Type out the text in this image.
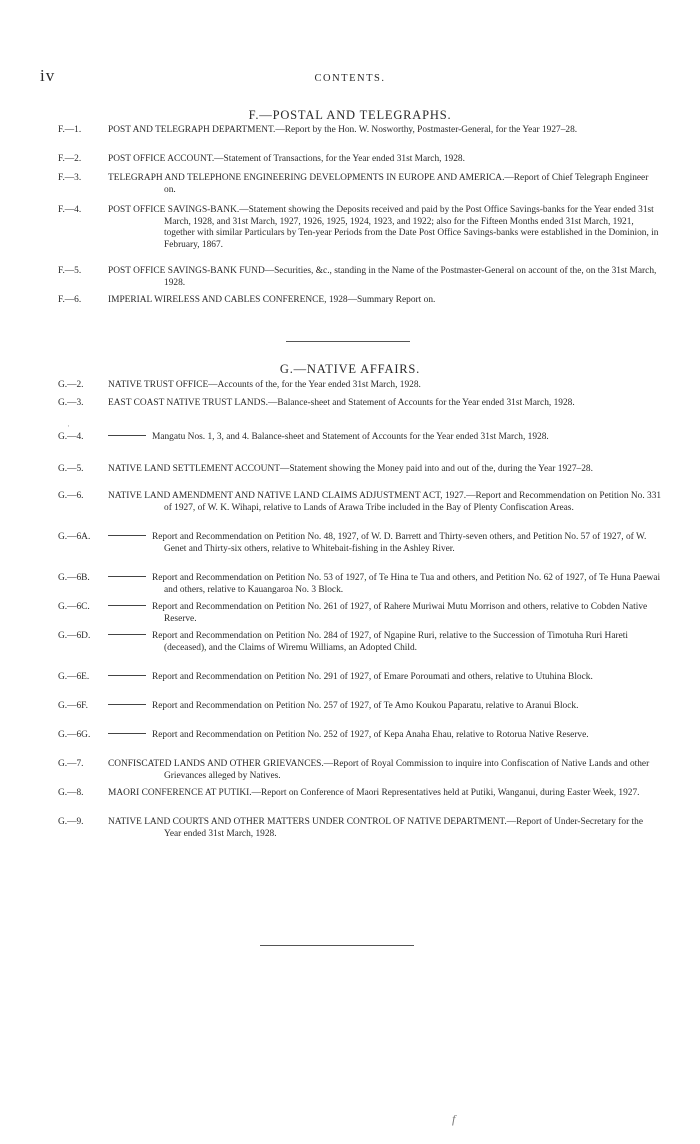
iv	CONTENTS.
F.—POSTAL AND TELEGRAPHS.
F.—1.	POST AND TELEGRAPH DEPARTMENT.—Report by the Hon. W. Nosworthy, Postmaster-General, for the Year 1927–28.
F.—2.	POST OFFICE ACCOUNT.—Statement of Transactions, for the Year ended 31st March, 1928.
F.—3.	TELEGRAPH AND TELEPHONE ENGINEERING DEVELOPMENTS IN EUROPE AND AMERICA.—Report of Chief Telegraph Engineer on.
F.—4.	POST OFFICE SAVINGS-BANK.—Statement showing the Deposits received and paid by the Post Office Savings-banks for the Year ended 31st March, 1928, and 31st March, 1927, 1926, 1925, 1924, 1923, and 1922; also for the Fifteen Months ended 31st March, 1921, together with similar Particulars by Ten-year Periods from the Date Post Office Savings-banks were established in the Dominion, in February, 1867.
F.—5.	POST OFFICE SAVINGS-BANK FUND—Securities, &c., standing in the Name of the Postmaster-General on account of the, on the 31st March, 1928.
F.—6.	IMPERIAL WIRELESS AND CABLES CONFERENCE, 1928—Summary Report on.
G.—NATIVE AFFAIRS.
G.—2.	NATIVE TRUST OFFICE—Accounts of the, for the Year ended 31st March, 1928.
G.—3.	EAST COAST NATIVE TRUST LANDS.—Balance-sheet and Statement of Accounts for the Year ended 31st March, 1928.
·
G.—4.	Mangatu Nos. 1, 3, and 4. Balance-sheet and Statement of Accounts for the Year ended 31st March, 1928.
G.—5.	NATIVE LAND SETTLEMENT ACCOUNT—Statement showing the Money paid into and out of the, during the Year 1927–28.
G.—6.	NATIVE LAND AMENDMENT AND NATIVE LAND CLAIMS ADJUSTMENT ACT, 1927.—Report and Recommendation on Petition No. 331 of 1927, of W. K. Wihapi, relative to Lands of Arawa Tribe included in the Bay of Plenty Confiscation Areas.
G.—6A.	Report and Recommendation on Petition No. 48, 1927, of W. D. Barrett and Thirty-seven others, and Petition No. 57 of 1927, of W. Genet and Thirty-six others, relative to Whitebait-fishing in the Ashley River.
G.—6B.	Report and Recommendation on Petition No. 53 of 1927, of Te Hina te Tua and others, and Petition No. 62 of 1927, of Te Huna Paewai and others, relative to Kauangaroa No. 3 Block.
G.—6C.	Report and Recommendation on Petition No. 261 of 1927, of Rahere Muriwai Mutu Morrison and others, relative to Cobden Native Reserve.
G.—6D.	Report and Recommendation on Petition No. 284 of 1927, of Ngapine Ruri, relative to the Succession of Timotuha Ruri Hareti (deceased), and the Claims of Wiremu Williams, an Adopted Child.
G.—6E.	Report and Recommendation on Petition No. 291 of 1927, of Emare Poroumati and others, relative to Utuhina Block.
G.—6F.	Report and Recommendation on Petition No. 257 of 1927, of Te Amo Koukou Paparatu, relative to Aranui Block.
G.—6G.	Report and Recommendation on Petition No. 252 of 1927, of Kepa Anaha Ehau, relative to Rotorua Native Reserve.
G.—7.	CONFISCATED LANDS AND OTHER GRIEVANCES.—Report of Royal Commission to inquire into Confiscation of Native Lands and other Grievances alleged by Natives.
G.—8.	MAORI CONFERENCE AT PUTIKI.—Report on Conference of Maori Representatives held at Putiki, Wanganui, during Easter Week, 1927.
G.—9.	NATIVE LAND COURTS AND OTHER MATTERS UNDER CONTROL OF NATIVE DEPARTMENT.—Report of Under-Secretary for the Year ended 31st March, 1928.
f
